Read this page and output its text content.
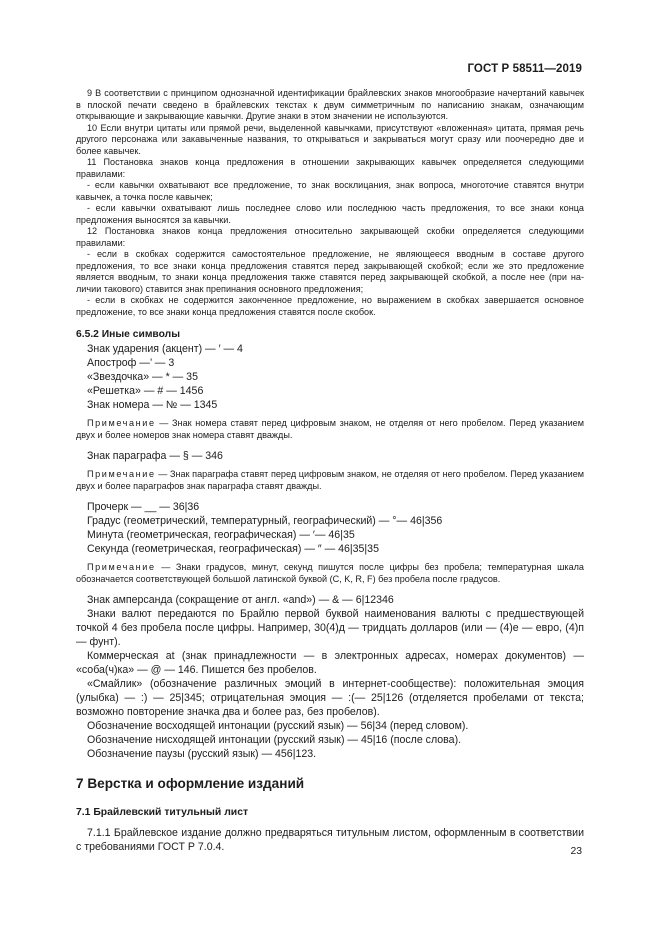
ГОСТ Р 58511—2019

9 В соответствии с принципом однозначной идентификации брайлевских знаков многообразие начертаний кавычек в плоской печати сведено в брайлевских текстах к двум симметричным по написанию знакам, означающим открывающие и закрывающие кавычки. Другие знаки в этом значении не используются.

10 Если внутри цитаты или прямой речи, выделенной кавычками, присутствуют «вложенная» цитата, прямая речь другого персонажа или закавыченные названия, то открываться и закрываться могут сразу или поочередно две и более кавычек.

11 Постановка знаков конца предложения в отношении закрывающих кавычек определяется следующими правилами:

- если кавычки охватывают все предложение, то знак восклицания, знак вопроса, многоточие ставятся внутри кавычек, а точка после кавычек;

- если кавычки охватывают лишь последнее слово или последнюю часть предложения, то все знаки конца предложения выносятся за кавычки.

12 Постановка знаков конца предложения относительно закрывающей скобки определяется следующими правилами:

- если в скобках содержится самостоятельное предложение, не являющееся вводным в составе другого предложения, то все знаки конца предложения ставятся перед закрывающей скобкой; если же это предложение является вводным, то знаки конца предложения также ставятся перед закрывающей скобкой, а после нее (при наличии такового) ставится знак препинания основного предложения;

- если в скобках не содержится законченное предложение, но выражением в скобках завершается основное предложение, то все знаки конца предложения ставятся после скобок.

6.5.2 Иные символы

Знак ударения (акцент) — ′ — 4

Апостроф —’ — 3

«Звездочка» — * — 35

«Решетка» — # — 1456

Знак номера — № — 1345

Примечание — Знак номера ставят перед цифровым знаком, не отделяя от него пробелом. Перед указанием двух и более номеров знак номера ставят дважды.

Знак параграфа — § — 346

Примечание — Знак параграфа ставят перед цифровым знаком, не отделяя от него пробелом. Перед указанием двух и более параграфов знак параграфа ставят дважды.

Прочерк — __ — 36|36

Градус (геометрический, температурный, географический) — °— 46|356

Минута (геометрическая, географическая) — ′— 46|35

Секунда (геометрическая, географическая) — ″ — 46|35|35

Примечание — Знаки градусов, минут, секунд пишутся после цифры без пробела; температурная шкала обозначается соответствующей большой латинской буквой (С, K, R, F) без пробела после градусов.

Знак амперсанда (сокращение от англ. «and») — & — 6|12346

Знаки валют передаются по Брайлю первой буквой наименования валюты с предшествующей точкой 4 без пробела после цифры. Например, 30(4)д — тридцать долларов (или — (4)е — евро, (4)п — фунт).

Коммерческая at (знак принадлежности — в электронных адресах, номерах документов) — «соба(ч)ка» — @ — 146. Пишется без пробелов.

«Смайлик» (обозначение различных эмоций в интернет-сообществе): положительная эмоция (улыбка) — :) — 25|345; отрицательная эмоция — :(— 25|126 (отделяется пробелами от текста; возможно повторение значка два и более раз, без пробелов).

Обозначение восходящей интонации (русский язык) — 56|34 (перед словом).

Обозначение нисходящей интонации (русский язык) — 45|16 (после слова).

Обозначение паузы (русский язык) — 456|123.

7 Верстка и оформление изданий

7.1 Брайлевский титульный лист

7.1.1 Брайлевское издание должно предваряться титульным листом, оформленным в соответствии с требованиями ГОСТ Р 7.0.4.	23
